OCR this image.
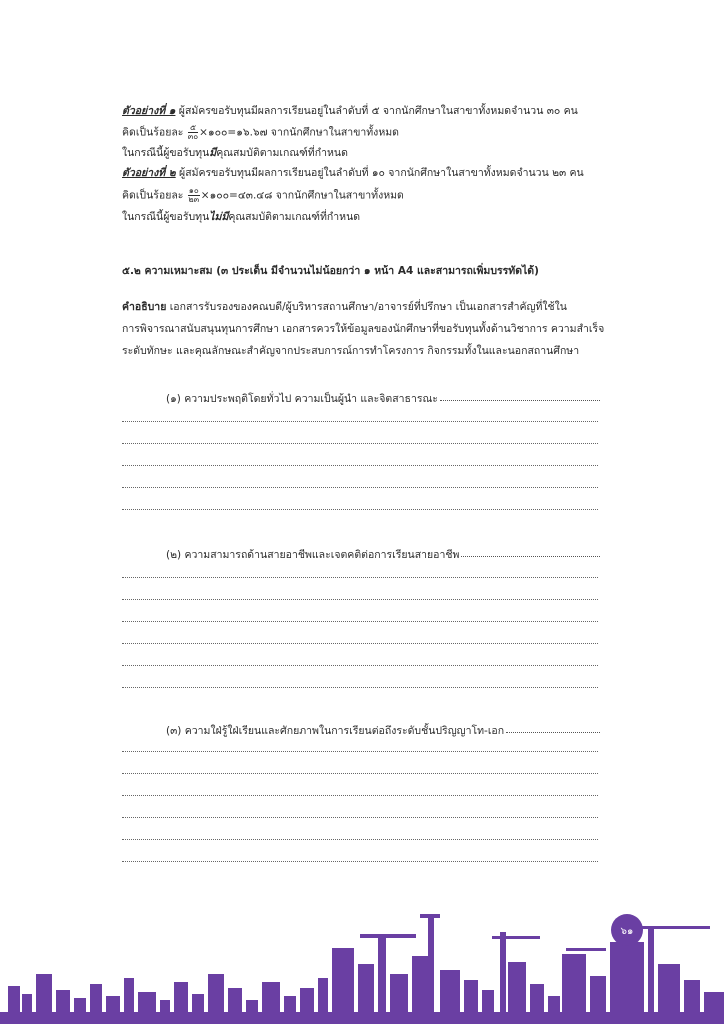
ตัวอย่างที่ ๑ ผู้สมัครขอรับทุนมีผลการเรียนอยู่ในลำดับที่ ๕ จากนักศึกษาในสาขาทั้งหมดจำนวน ๓๐ คน
คิดเป็นร้อยละ $\frac{๕}{๓๐}$ ×๑๐๐=๑๖.๖๗ จากนักศึกษาในสาขาทั้งหมด
ในกรณีนี้ผู้ขอรับทุนมีคุณสมบัติตามเกณฑ์ที่กำหนด
ตัวอย่างที่ ๒ ผู้สมัครขอรับทุนมีผลการเรียนอยู่ในลำดับที่ ๑๐ จากนักศึกษาในสาขาทั้งหมดจำนวน ๒๓ คน
คิดเป็นร้อยละ $\frac{๑๐}{๒๓}$ ×๑๐๐=๔๓.๔๘ จากนักศึกษาในสาขาทั้งหมด
ในกรณีนี้ผู้ขอรับทุนไม่มีคุณสมบัติตามเกณฑ์ที่กำหนด
๕.๒ ความเหมาะสม (๓ ประเด็น มีจำนวนไม่น้อยกว่า ๑ หน้า A4 และสามารถเพิ่มบรรทัดได้)
คำอธิบาย เอกสารรับรองของคณบดี/ผู้บริหารสถานศึกษา/อาจารย์ที่ปรึกษา เป็นเอกสารสำคัญที่ใช้ใน
การพิจารณาสนับสนุนทุนการศึกษา เอกสารควรให้ข้อมูลของนักศึกษาที่ขอรับทุนทั้งด้านวิชาการ ความสำเร็จ
ระดับทักษะ และคุณลักษณะสำคัญจากประสบการณ์การทำโครงการ กิจกรรมทั้งในและนอกสถานศึกษา
(๑) ความประพฤติโดยทั่วไป ความเป็นผู้นำ และจิตสาธารณะ
(๒) ความสามารถด้านสายอาชีพและเจตคติต่อการเรียนสายอาชีพ
(๓) ความใฝ่รู้ใฝ่เรียนและศักยภาพในการเรียนต่อถึงระดับชั้นปริญญาโท-เอก
๖๑
